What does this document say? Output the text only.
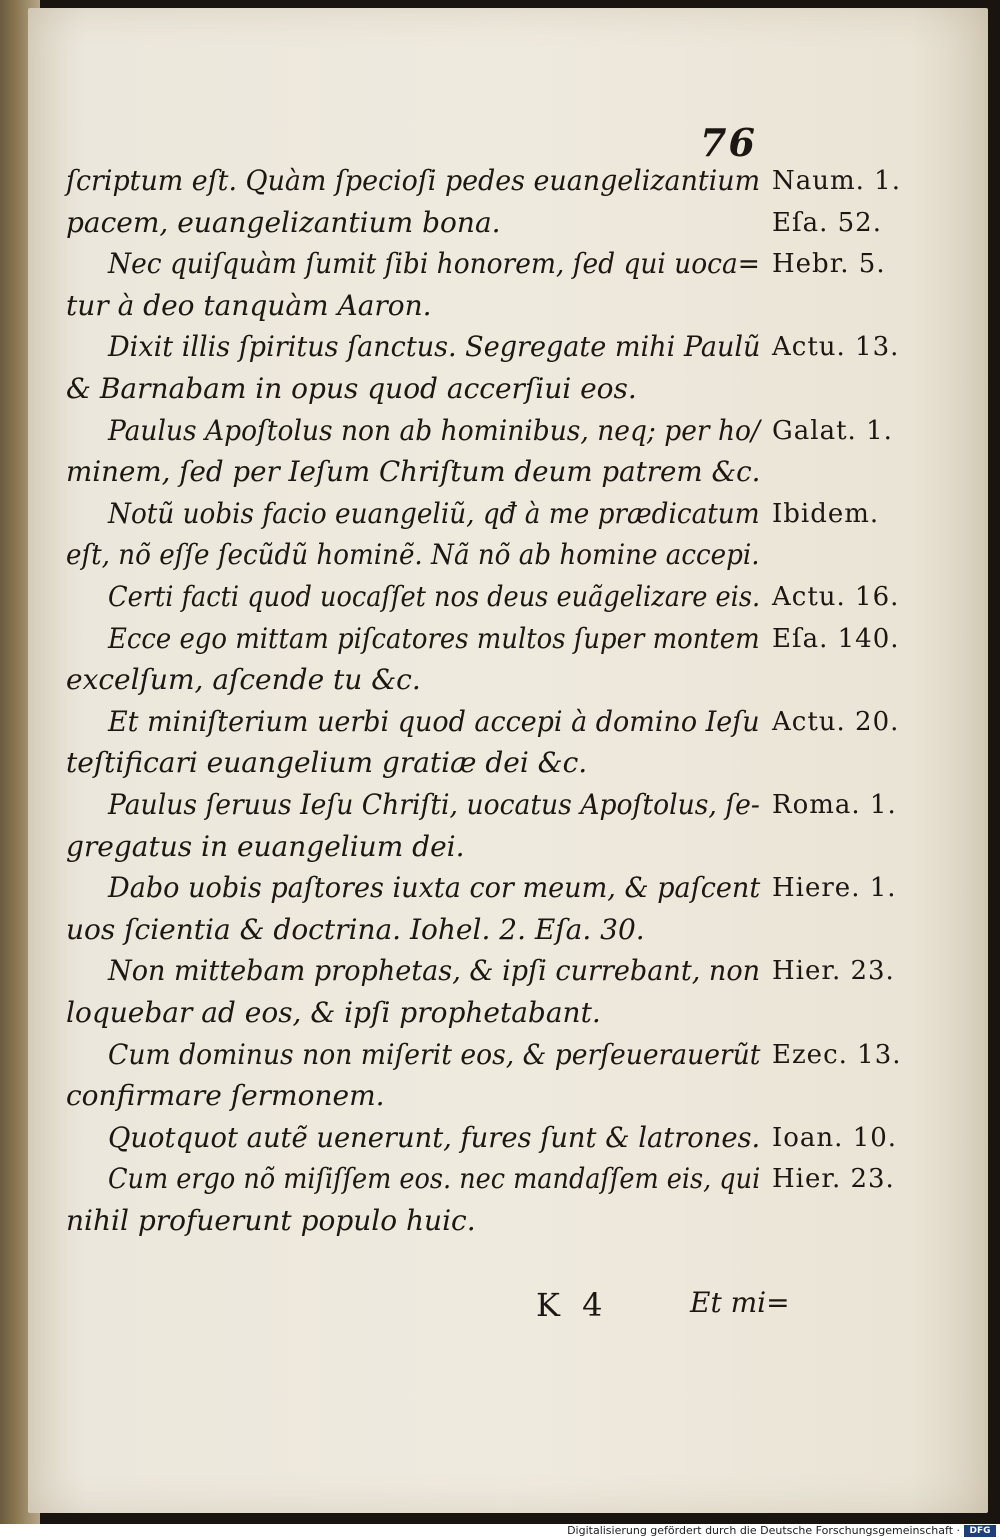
76
ſcriptum eſt. Quàm ſpecioſi pedes euangelizantium Naum. 1.
pacem, euangelizantium bona.	Eſa. 52.
Nec quiſquàm ſumit ſibi honorem, ſed qui uoca= Hebr. 5.
tur à deo tanquàm Aaron.
Dixit illis ſpiritus ſanctus. Segregate mihi Paulũ Actu. 13.
& Barnabam in opus quod accerſiui eos.
Paulus Apoſtolus non ab hominibus, neq; per ho/ Galat. 1.
minem, ſed per Ieſum Chriſtum deum patrem &c.
Notũ uobis facio euangeliũ, qđ à me prædicatum Ibidem.
eſt, nõ eſſe ſecũdũ hominẽ. Nã nõ ab homine accepi.
Certi facti quod uocaſſet nos deus euãgelizare eis. Actu. 16.
Ecce ego mittam piſcatores multos ſuper montem Eſa. 140.
excelſum, aſcende tu &c.
Et miniſterium uerbi quod accepi à domino Ieſu Actu. 20.
teſtificari euangelium gratiæ dei &c.
Paulus ſeruus Ieſu Chriſti, uocatus Apoſtolus, ſe- Roma. 1.
gregatus in euangelium dei.
Dabo uobis paſtores iuxta cor meum, & paſcent Hiere. 1.
uos ſcientia & doctrina. Iohel. 2. Eſa. 30.
Non mittebam prophetas, & ipſi currebant, non Hier. 23.
loquebar ad eos, & ipſi prophetabant.
Cum dominus non miſerit eos, & perſeuerauerũt Ezec. 13.
confirmare ſermonem.
Quotquot autẽ uenerunt, fures ſunt & latrones. Ioan. 10.
Cum ergo nõ miſiſſem eos. nec mandaſſem eis, qui Hier. 23.
nihil profuerunt populo huic.
K 4	Et mi=
Digitalisierung gefördert durch die Deutsche Forschungsgemeinschaft ·	DFG
